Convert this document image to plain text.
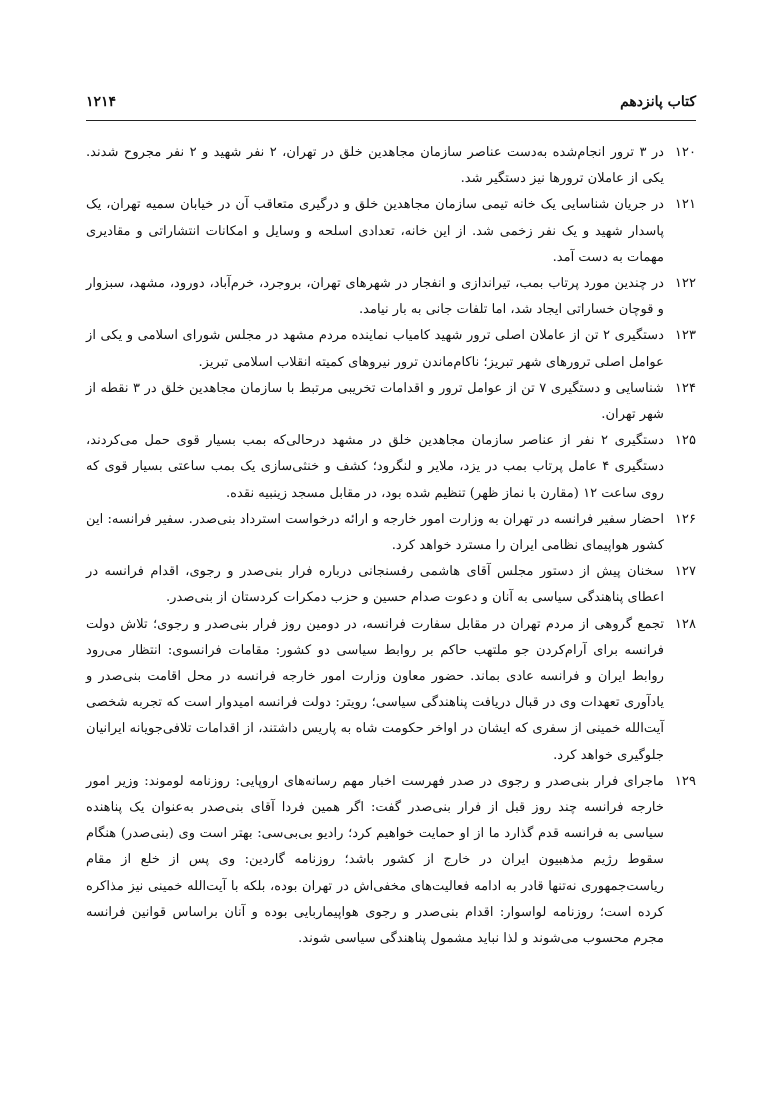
کتاب پانزدهم
۱۲۱۴

۱۲۰
در ۳ ترور انجام‌شده به‌دست عناصر سازمان مجاهدین خلق در تهران، ۲ نفر شهید و ۲ نفر مجروح شدند. یکی از عاملان ترورها نیز دستگیر شد.

۱۲۱
در جریان شناسایی یک خانه تیمی سازمان مجاهدین خلق و درگیری متعاقب آن در خیابان سمیه تهران، یک پاسدار شهید و یک نفر زخمی شد. از این خانه، تعدادی اسلحه و وسایل و امکانات انتشاراتی و مقادیری مهمات به دست آمد.

۱۲۲
در چندین مورد پرتاب بمب، تیراندازی و انفجار در شهرهای تهران، بروجرد، خرم‌آباد، دورود، مشهد، سبزوار و قوچان خساراتی ایجاد شد، اما تلفات جانی به بار نیامد.

۱۲۳
دستگیری ۲ تن از عاملان اصلی ترور شهید کامیاب نماینده مردم مشهد در مجلس شورای اسلامی و یکی از عوامل اصلی ترورهای شهر تبریز؛ ناکام‌ماندن ترور نیروهای کمیته انقلاب اسلامی تبریز.

۱۲۴
شناسایی و دستگیری ۷ تن از عوامل ترور و اقدامات تخریبی مرتبط با سازمان مجاهدین خلق در ۳ نقطه از شهر تهران.

۱۲۵
دستگیری ۲ نفر از عناصر سازمان مجاهدین خلق در مشهد درحالی‌که بمب بسیار قوی حمل می‌کردند، دستگیری ۴ عامل پرتاب بمب در یزد، ملایر و لنگرود؛ کشف و خنثی‌سازی یک بمب ساعتی بسیار قوی که روی ساعت ۱۲ (مقارن با نماز ظهر) تنظیم شده بود، در مقابل مسجد زینبیه نقده.

۱۲۶
احضار سفیر فرانسه در تهران به وزارت امور خارجه و ارائه درخواست استرداد بنی‌صدر. سفیر فرانسه: این کشور هواپیمای نظامی ایران را مسترد خواهد کرد.

۱۲۷
سخنان پیش از دستور مجلس آقای هاشمی رفسنجانی درباره فرار بنی‌صدر و رجوی، اقدام فرانسه در اعطای پناهندگی سیاسی به آنان و دعوت صدام حسین و حزب دمکرات کردستان از بنی‌صدر.

۱۲۸
تجمع گروهی از مردم تهران در مقابل سفارت فرانسه، در دومین روز فرار بنی‌صدر و رجوی؛ تلاش دولت فرانسه برای آرام‌کردن جو ملتهب حاکم بر روابط سیاسی دو کشور: مقامات فرانسوی: انتظار می‌رود روابط ایران و فرانسه عادی بماند. حضور معاون وزارت امور خارجه فرانسه در محل اقامت بنی‌صدر و یادآوری تعهدات وی در قبال دریافت پناهندگی سیاسی؛ رویتر: دولت فرانسه امیدوار است که تجربه شخصی آیت‌الله خمینی از سفری که ایشان در اواخر حکومت شاه به پاریس داشتند، از اقدامات تلافی‌جویانه ایرانیان جلوگیری خواهد کرد.

۱۲۹
ماجرای فرار بنی‌صدر و رجوی در صدر فهرست اخبار مهم رسانه‌های اروپایی: روزنامه لوموند: وزیر امور خارجه فرانسه چند روز قبل از فرار بنی‌صدر گفت: اگر همین فردا آقای بنی‌صدر به‌عنوان یک پناهنده سیاسی به فرانسه قدم گذارد ما از او حمایت خواهیم کرد؛ رادیو بی‌بی‌سی: بهتر است وی (بنی‌صدر) هنگام سقوط رژیم مذهبیون ایران در خارج از کشور باشد؛ روزنامه گاردین: وی پس از خلع از مقام ریاست‌جمهوری نه‌تنها قادر به ادامه فعالیت‌های مخفی‌اش در تهران بوده، بلکه با آیت‌الله خمینی نیز مذاکره کرده است؛ روزنامه لواسوار: اقدام بنی‌صدر و رجوی هواپیماربایی بوده و آنان براساس قوانین فرانسه مجرم محسوب می‌شوند و لذا نباید مشمول پناهندگی سیاسی شوند.
